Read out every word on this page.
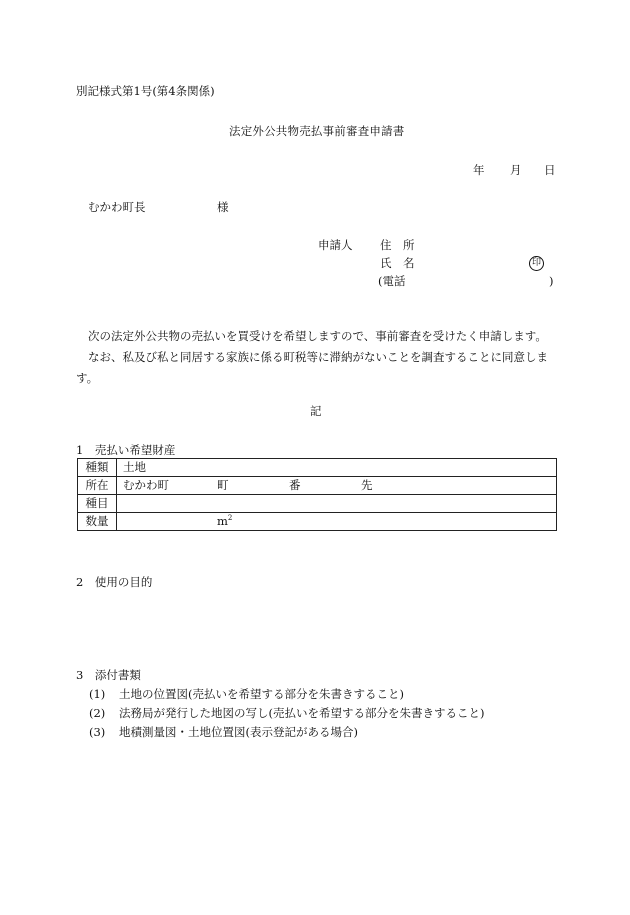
別記様式第1号(第4条関係)
法定外公共物売払事前審査申請書
年 月 日
むかわ町長	様
申請人 住　所
氏　名	印
(電話	)

次の法定外公共物の売払いを買受けを希望しますので、事前審査を受けたく申請します。

なお、私及び私と同居する家族に係る町税等に滞納がないことを調査することに同意します。

記
1　売払い希望財産
種類	土地
所在	むかわ町 町 番 先
種目	
数量	$m^2$
2　使用の目的
3　添付書類
(1) 土地の位置図(売払いを希望する部分を朱書きすること)
(2) 法務局が発行した地図の写し(売払いを希望する部分を朱書きすること)
(3) 地積測量図・土地位置図(表示登記がある場合)
